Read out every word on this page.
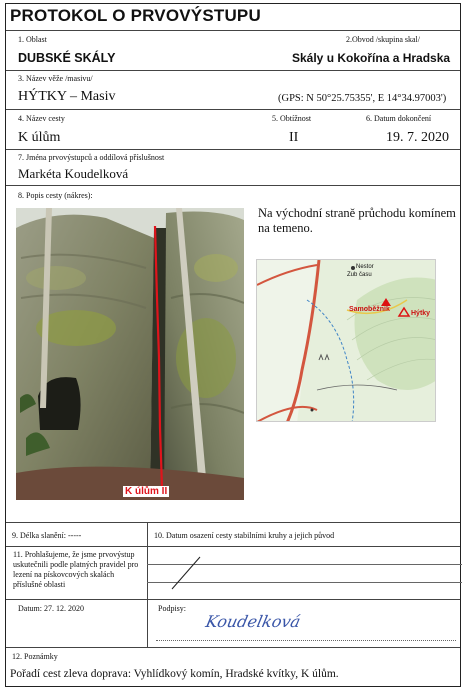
PROTOKOL O PRVOVÝSTUPU
1. Oblast
DUBSKÉ SKÁLY
2.Obvod /skupina skal/
Skály u Kokořína a Hradska
3. Název věže /masivu/
HÝTKY – Masiv	(GPS: N 50°25.75355', E 14°34.97003')
4. Název cesty
K úlům
5. Obtížnost
II
6. Datum dokončení
19. 7. 2020
7. Jména prvovýstupců a oddílová příslušnost
Markéta Koudelková
8. Popis cesty (nákres):
K úlům II
Na východní straně průchodu komínem na temeno.
Nestor
Zub času
Samoběžník
Hýtky
9. Délka slanění: -----	10. Datum osazení cesty stabilními kruhy a jejich původ
11. Prohlašujeme, že jsme prvovýstup uskutečnili podle platných pravidel pro lezení na pískovcových skalách příslušné oblasti
Datum: 27. 12. 2020	Podpisy:
Koudelková
12. Poznámky
Pořadí cest zleva doprava: Vyhlídkový komín, Hradské kvítky, K úlům.
